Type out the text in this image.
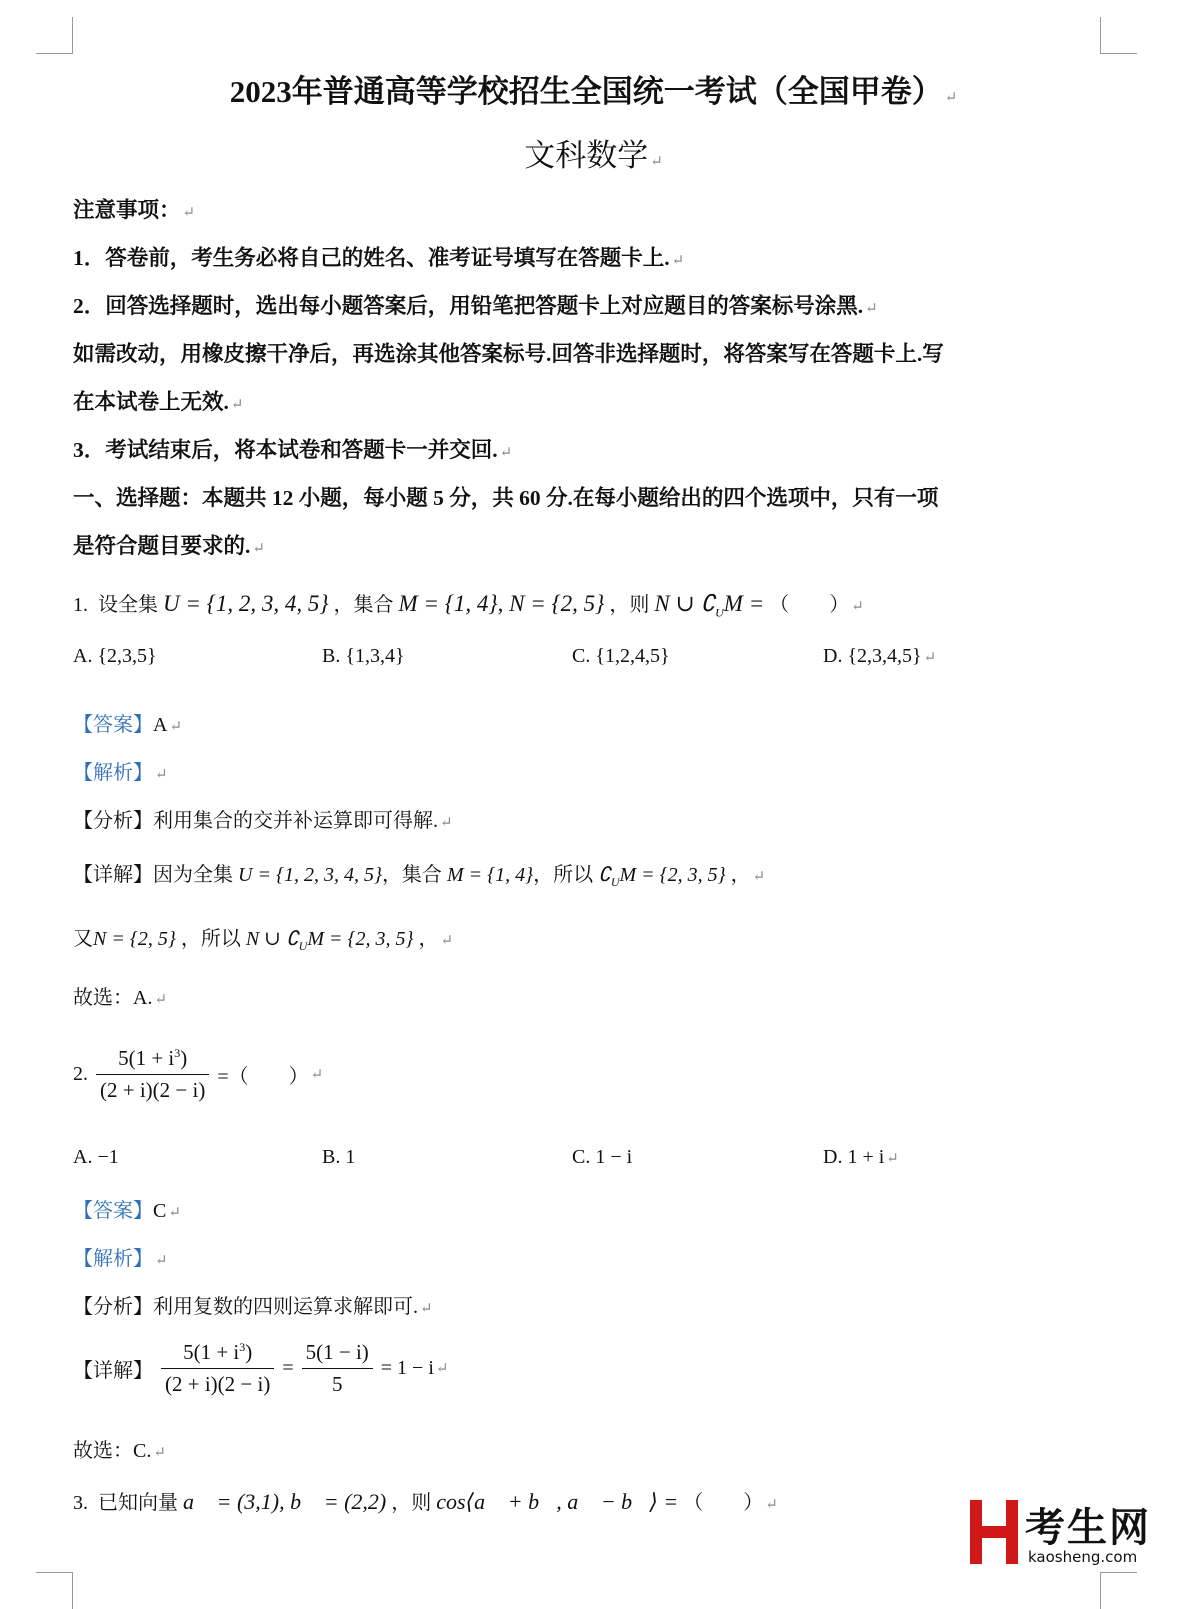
2023年普通高等学校招生全国统一考试（全国甲卷） ↵
文科数学 ↵
注意事项： ↵
1．答卷前，考生务必将自己的姓名、准考证号填写在答题卡上. ↵
2．回答选择题时，选出每小题答案后，用铅笔把答题卡上对应题目的答案标号涂黑. ↵
如需改动，用橡皮擦干净后，再选涂其他答案标号.回答非选择题时，将答案写在答题卡上.写
在本试卷上无效. ↵
3．考试结束后，将本试卷和答题卡一并交回. ↵
一、选择题：本题共 12 小题，每小题 5 分，共 60 分.在每小题给出的四个选项中，只有一项
是符合题目要求的. ↵
1. 设全集 U = {1, 2, 3, 4, 5} ，集合 M = {1, 4}, N = {2, 5} ，则 N ∪ $∁_UM$ = （　　） ↵
A. {2,3,5}	B. {1,3,4}	C. {1,2,4,5}	D. {2,3,4,5} ↵
【答案】A ↵
【解析】 ↵
【分析】利用集合的交并补运算即可得解. ↵
【详解】因为全集 U = {1, 2, 3, 4, 5}，集合 M = {1, 4}，所以 $∁_UM = \{2$, 3, 5} ， ↵
又N = {2, 5} ，所以 N ∪ $∁_UM = \{2$, 3, 5} ， ↵
故选：A. ↵
2. $\frac{5(1 + i^3)}{(2 + i)(2 - i)}$ =（　　） ↵
A. −1	B. 1	C. 1 − i	D. 1 + i ↵
【答案】C ↵
【解析】 ↵
【分析】利用复数的四则运算求解即可. ↵
【详解】 $\frac{5(1 + i^3)}{(2 + i)(2 - i)} = \frac{5(1 - i)}{5} = 1 - i$ ↵
故选：C. ↵
3. 已知向量 a⃗ = (3,1), b⃗ = (2,2) ，则 cos⟨a⃗ + b⃗, a⃗ − b⃗⟩ = （　　） ↵	考生网
kaosheng.com
